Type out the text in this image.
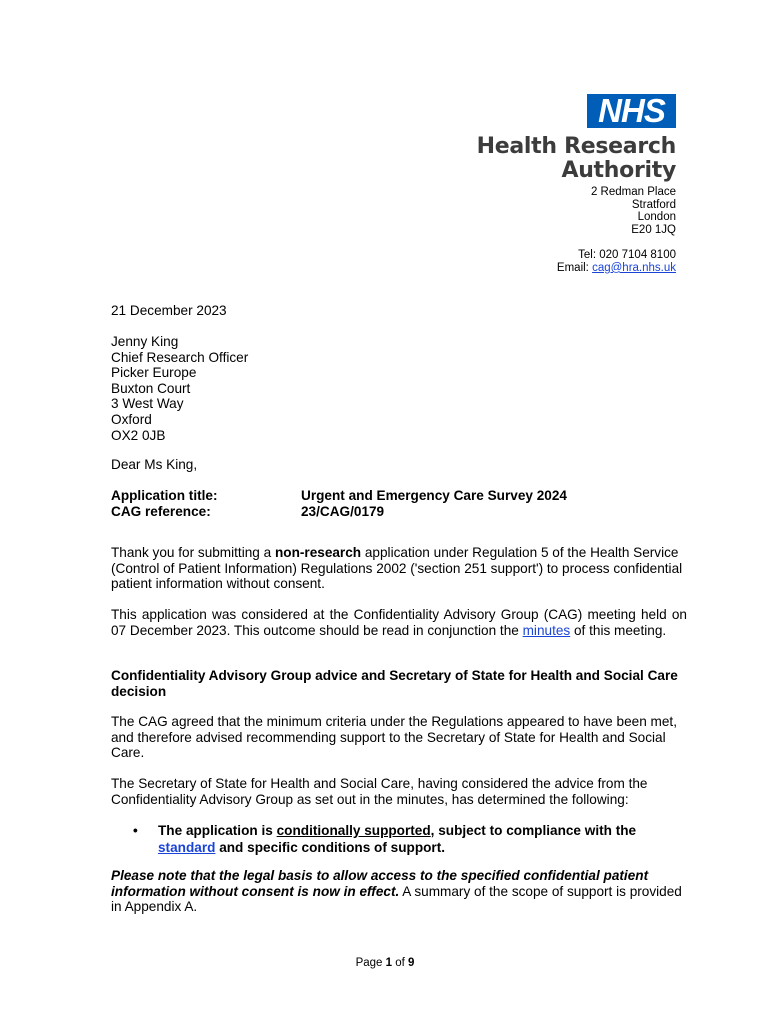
NHS
Health Research
Authority
2 Redman Place
Stratford
London
E20 1JQ
Tel: 020 7104 8100
Email: cag@hra.nhs.uk
21 December 2023
Jenny King
Chief Research Officer
Picker Europe
Buxton Court
3 West Way
Oxford
OX2 0JB
Dear Ms King,
Application title:	Urgent and Emergency Care Survey 2024
CAG reference:	23/CAG/0179
Thank you for submitting a non-research application under Regulation 5 of the Health Service (Control of Patient Information) Regulations 2002 ('section 251 support') to process confidential patient information without consent.
This application was considered at the Confidentiality Advisory Group (CAG) meeting held on 07 December 2023. This outcome should be read in conjunction the minutes of this meeting.
Confidentiality Advisory Group advice and Secretary of State for Health and Social Care decision
The CAG agreed that the minimum criteria under the Regulations appeared to have been met, and therefore advised recommending support to the Secretary of State for Health and Social Care.
The Secretary of State for Health and Social Care, having considered the advice from the Confidentiality Advisory Group as set out in the minutes, has determined the following:
• The application is conditionally supported, subject to compliance with the standard and specific conditions of support.
Please note that the legal basis to allow access to the specified confidential patient information without consent is now in effect. A summary of the scope of support is provided in Appendix A.
Page 1 of 9
